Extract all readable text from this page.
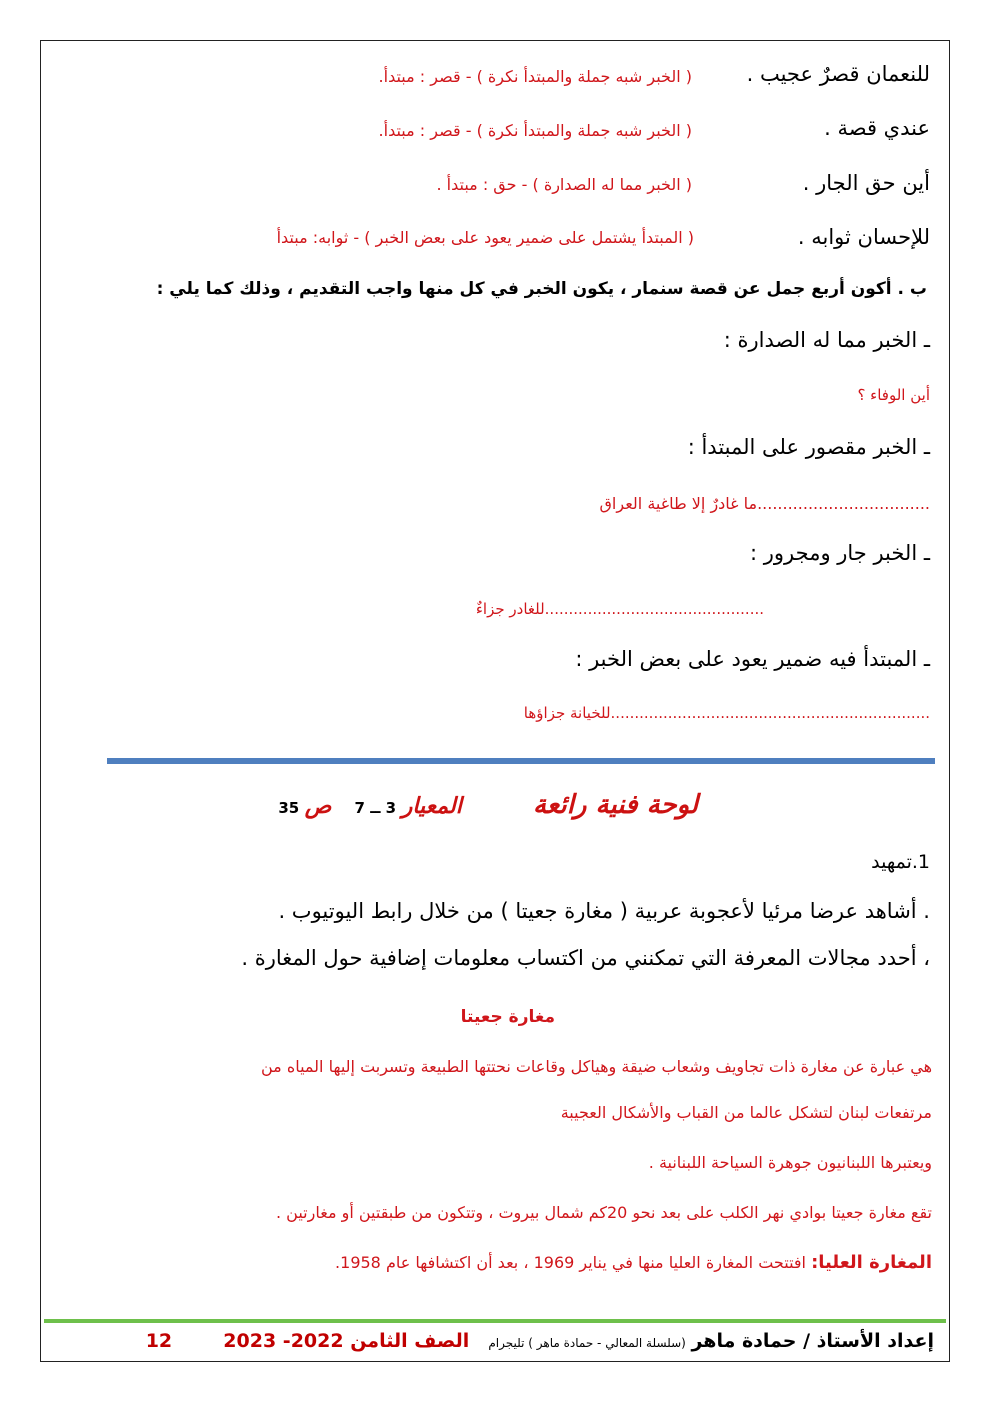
للنعمان قصرٌ عجيب .
( الخبر شبه جملة والمبتدأ نكرة ) - قصر : مبتدأ.
عندي قصة .
( الخبر شبه جملة والمبتدأ نكرة ) - قصر : مبتدأ.
أين حق الجار .
( الخبر مما له الصدارة ) - حق : مبتدأ .
للإحسان ثوابه .
( المبتدأ يشتمل على ضمير يعود على بعض الخبر ) - ثوابه: مبتدأ
ب . أكون أربع جمل عن قصة سنمار ، يكون الخبر في كل منها واجب التقديم ، وذلك كما يلي :
ـ الخبر مما له الصدارة :
أين الوفاء ؟
ـ الخبر مقصور على المبتدأ :
..................................ما غادرٌ إلا طاغية العراق
ـ الخبر جار ومجرور :
..............................................للغادر جزاءٌ
ـ المبتدأ فيه ضمير يعود على بعض الخبر :
...................................................................للخيانة جزاؤها
لوحة فنية رائعة  المعيار 3 ــ 7  ص 35
1.تمهيد
. أشاهد عرضا مرئيا لأعجوبة عربية ( مغارة جعيتا ) من خلال رابط اليوتيوب .
، أحدد مجالات المعرفة التي تمكنني من اكتساب معلومات إضافية حول المغارة .
مغارة جعيتا
هي عبارة عن مغارة ذات تجاويف وشعاب ضيقة وهياكل وقاعات نحتتها الطبيعة وتسربت إليها المياه من
مرتفعات لبنان لتشكل عالما من القباب والأشكال العجيبة
ويعتبرها اللبنانيون جوهرة السياحة اللبنانية .
تقع مغارة جعيتا بوادي نهر الكلب على بعد نحو 20كم شمال بيروت ، وتتكون من طبقتين أو مغارتين .
المغارة العليا: افتتحت المغارة العليا منها في يناير 1969 ، بعد أن اكتشافها عام 1958.
إعداد الأستاذ / حمادة ماهر (سلسلة المعالي - حمادة ماهر ) تليجرام  الصف الثامن 2022- 2023  12
